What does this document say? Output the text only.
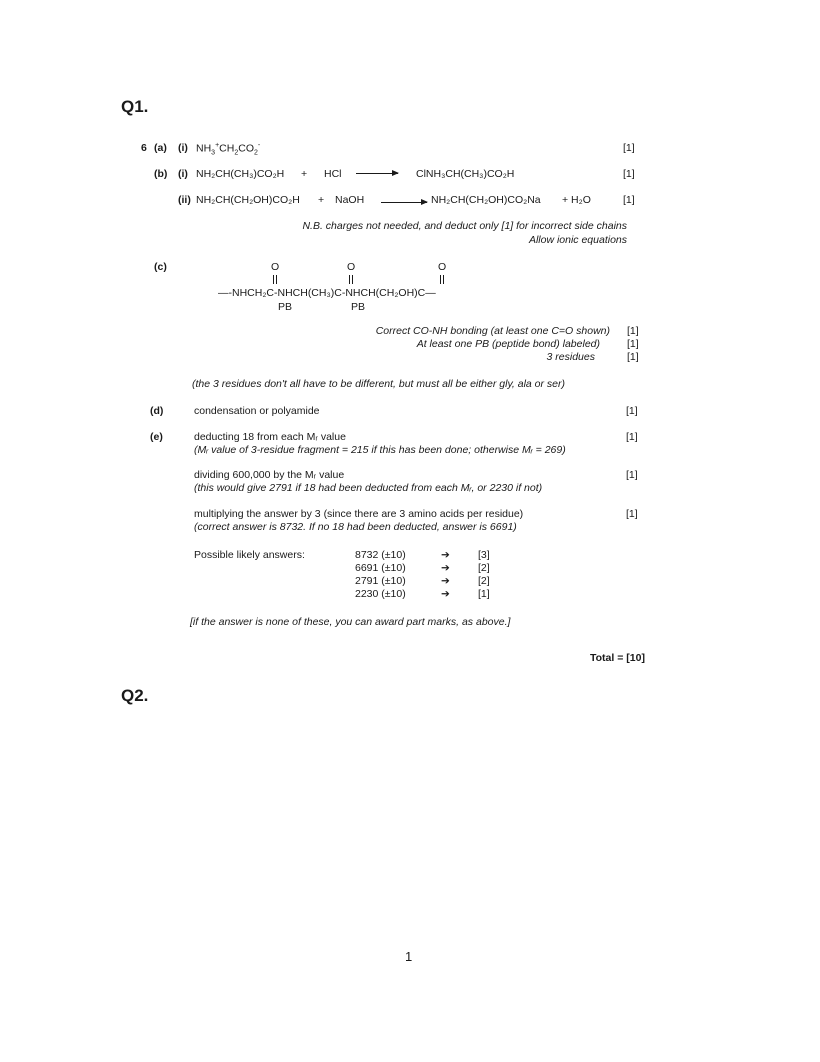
Q1.
Q2.
6 (a) (i) $NH_3^+CH_2CO_2^-$	[1]
(b) (i) NH₂CH(CH₃)CO₂H + HCl → ClNH₃CH(CH₃)CO₂H	[1]
(ii) NH₂CH(CH₂OH)CO₂H + NaOH → NH₂CH(CH₂OH)CO₂Na + H₂O	[1]
N.B. charges not needed, and deduct only [1] for incorrect side chains
Allow ionic equations
(c)	O	O	O
—-NHCH₂C-NHCH(CH₃)C-NHCH(CH₂OH)C—
PB	PB
Correct CO-NH bonding (at least one C=O shown) [1]
At least one PB (peptide bond) labeled)	[1]
3 residues	[1]
(the 3 residues don't all have to be different, but must all be either gly, ala or ser)
(d)	condensation or polyamide	[1]
(e)	deducting 18 from each Mᵣ value	[1]
(Mᵣ value of 3-residue fragment = 215 if this has been done; otherwise Mᵣ = 269)
dividing 600,000 by the Mᵣ value	[1]
(this would give 2791 if 18 had been deducted from each Mᵣ, or 2230 if not)
multiplying the answer by 3 (since there are 3 amino acids per residue)	[1]
(correct answer is 8732. If no 18 had been deducted, answer is 6691)
Possible likely answers:	8732 (±10)	➔	[3]
6691 (±10)	➔	[2]
2791 (±10)	➔	[2]
2230 (±10)	➔	[1]
[if the answer is none of these, you can award part marks, as above.]
Total = [10]
1
